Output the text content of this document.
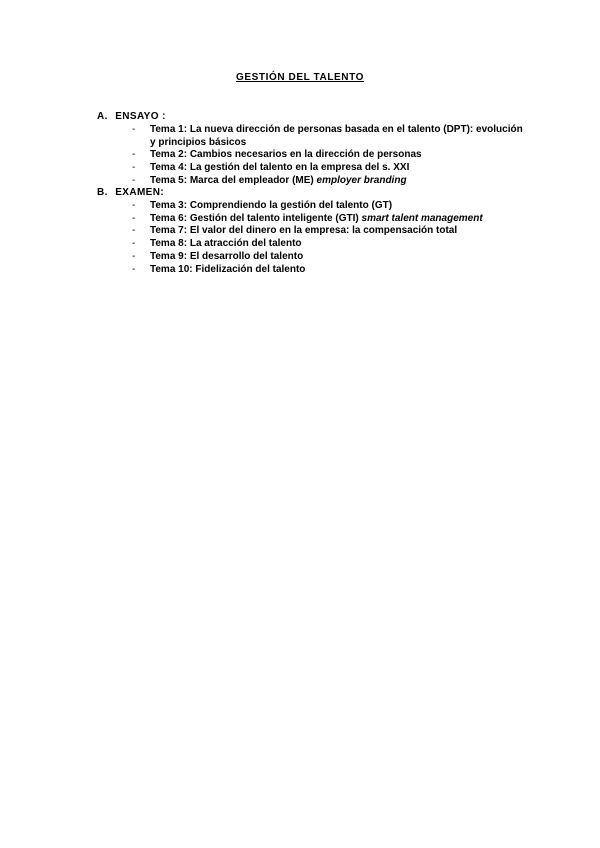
GESTIÓN DEL TALENTO
A. ENSAYO :
- Tema 1: La nueva dirección de personas basada en el talento (DPT): evolución y principios básicos
- Tema 2: Cambios necesarios en la dirección de personas
- Tema 4: La gestión del talento en la empresa del s. XXI
- Tema 5: Marca del empleador (ME) employer branding
B. EXAMEN:
- Tema 3: Comprendiendo la gestión del talento (GT)
- Tema 6: Gestión del talento inteligente (GTI) smart talent management
- Tema 7: El valor del dinero en la empresa: la compensación total
- Tema 8: La atracción del talento
- Tema 9: El desarrollo del talento
- Tema 10: Fidelización del talento
